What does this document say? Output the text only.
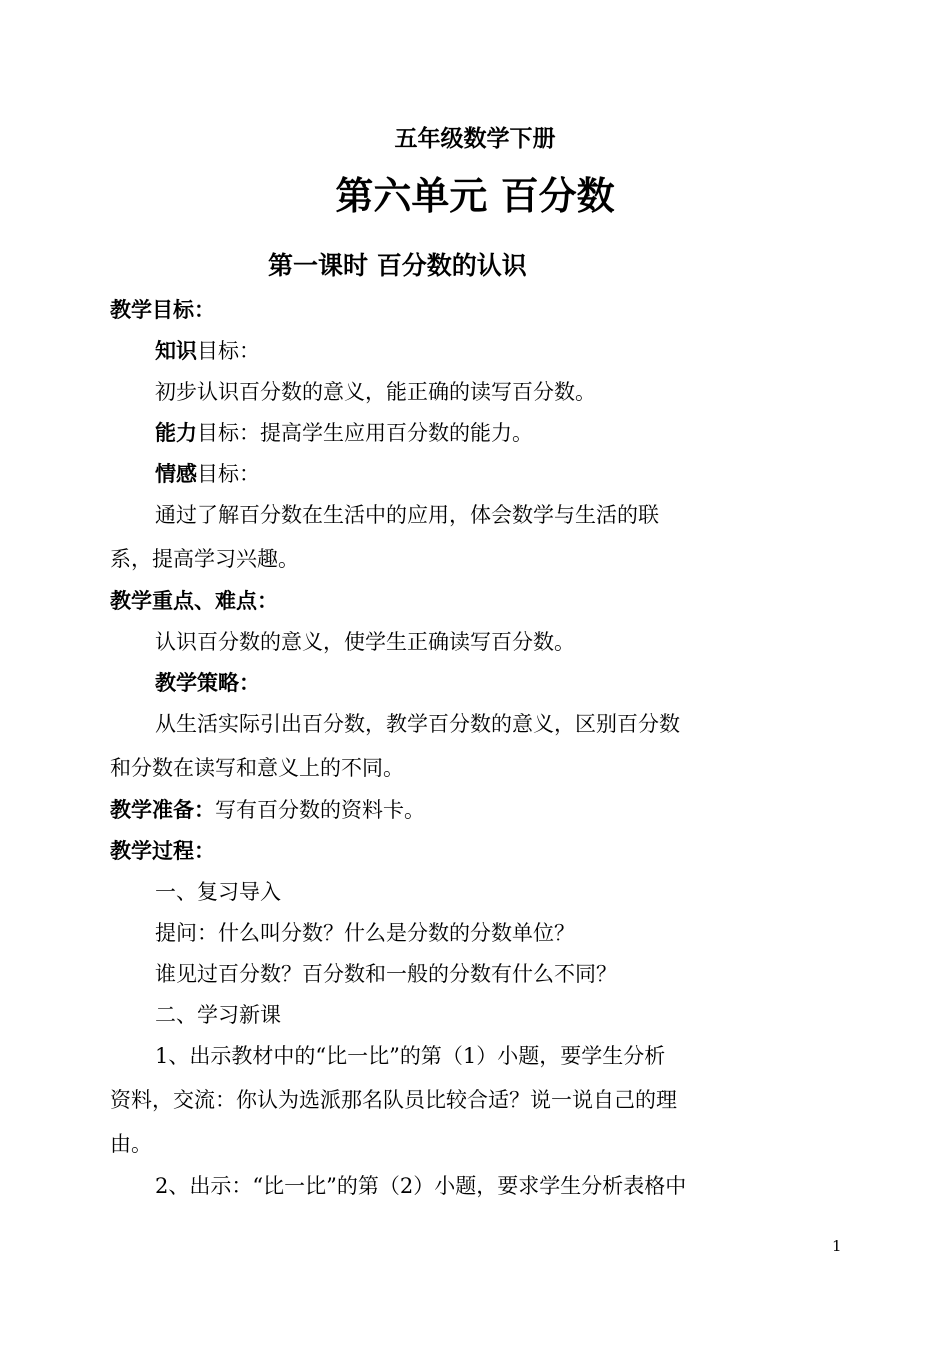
五年级数学下册
第六单元 百分数
第一课时 百分数的认识
教学目标：
知识目标：
初步认识百分数的意义，能正确的读写百分数。
能力目标：提高学生应用百分数的能力。
情感目标：
通过了解百分数在生活中的应用，体会数学与生活的联
系，提高学习兴趣。
教学重点、难点：
认识百分数的意义，使学生正确读写百分数。
教学策略：
从生活实际引出百分数，教学百分数的意义，区别百分数
和分数在读写和意义上的不同。
教学准备：写有百分数的资料卡。
教学过程：
一、复习导入
提问：什么叫分数？什么是分数的分数单位？
谁见过百分数？百分数和一般的分数有什么不同？
二、学习新课
1、出示教材中的“比一比”的第（1）小题，要学生分析
资料，交流：你认为选派那名队员比较合适？说一说自己的理
由。
2、出示：“比一比”的第（2）小题，要求学生分析表格中
1
